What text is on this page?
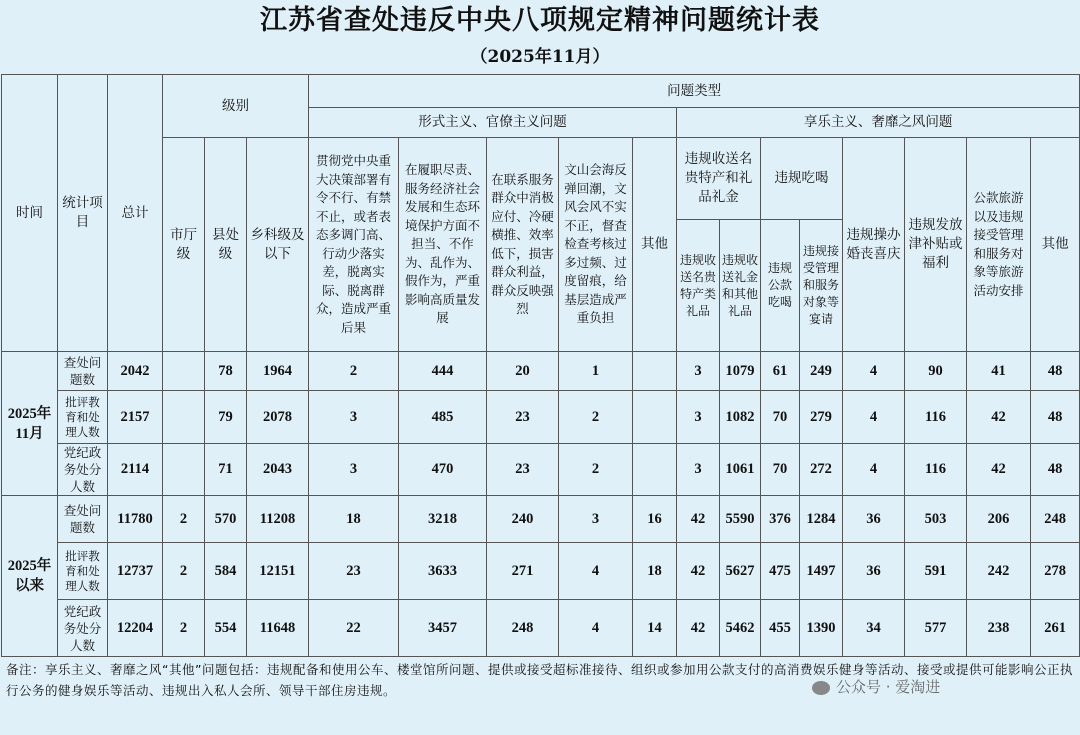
江苏省查处违反中央八项规定精神问题统计表
（2025年11月）
时间	统计项目	总计	级别			问题类型												
						形式主义、官僚主义问题					享乐主义、奢靡之风问题							
			市厅级	县处级	乡科级及以下	贯彻党中央重大决策部署有令不行、有禁不止，或者表态多调门高、行动少落实差，脱离实际、脱离群众，造成严重后果	在履职尽责、服务经济社会发展和生态环境保护方面不担当、不作为、乱作为、假作为，严重影响高质量发展	在联系服务群众中消极应付、冷硬横推、效率低下，损害群众利益，群众反映强烈	文山会海反弹回潮，文风会风不实不正，督查检查考核过多过频、过度留痕，给基层造成严重负担	其他	违规收送名贵特产和礼品礼金		违规吃喝		违规操办婚丧喜庆	违规发放津补贴或福利	公款旅游以及违规接受管理和服务对象等旅游活动安排	其他
											违规收送名贵特产类礼品	违规收送礼金和其他礼品	违规公款吃喝	违规接受管理和服务对象等宴请				
2025年11月	查处问题数	2042		78	1964	2	444	20	1		3	1079	61	249	4	90	41	48
	批评教育和处理人数	2157		79	2078	3	485	23	2		3	1082	70	279	4	116	42	48
	党纪政务处分人数	2114		71	2043	3	470	23	2		3	1061	70	272	4	116	42	48
2025年以来	查处问题数	11780	2	570	11208	18	3218	240	3	16	42	5590	376	1284	36	503	206	248
	批评教育和处理人数	12737	2	584	12151	23	3633	271	4	18	42	5627	475	1497	36	591	242	278
	党纪政务处分人数	12204	2	554	11648	22	3457	248	4	14	42	5462	455	1390	34	577	238	261
备注：享乐主义、奢靡之风“其他”问题包括：违规配备和使用公车、楼堂馆所问题、提供或接受超标准接待、组织或参加用公款支付的高消费娱乐健身等活动、接受或提供可能影响公正执行公务的健身娱乐等活动、违规出入私人会所、领导干部住房违规。	公众号 · 爱淘进
